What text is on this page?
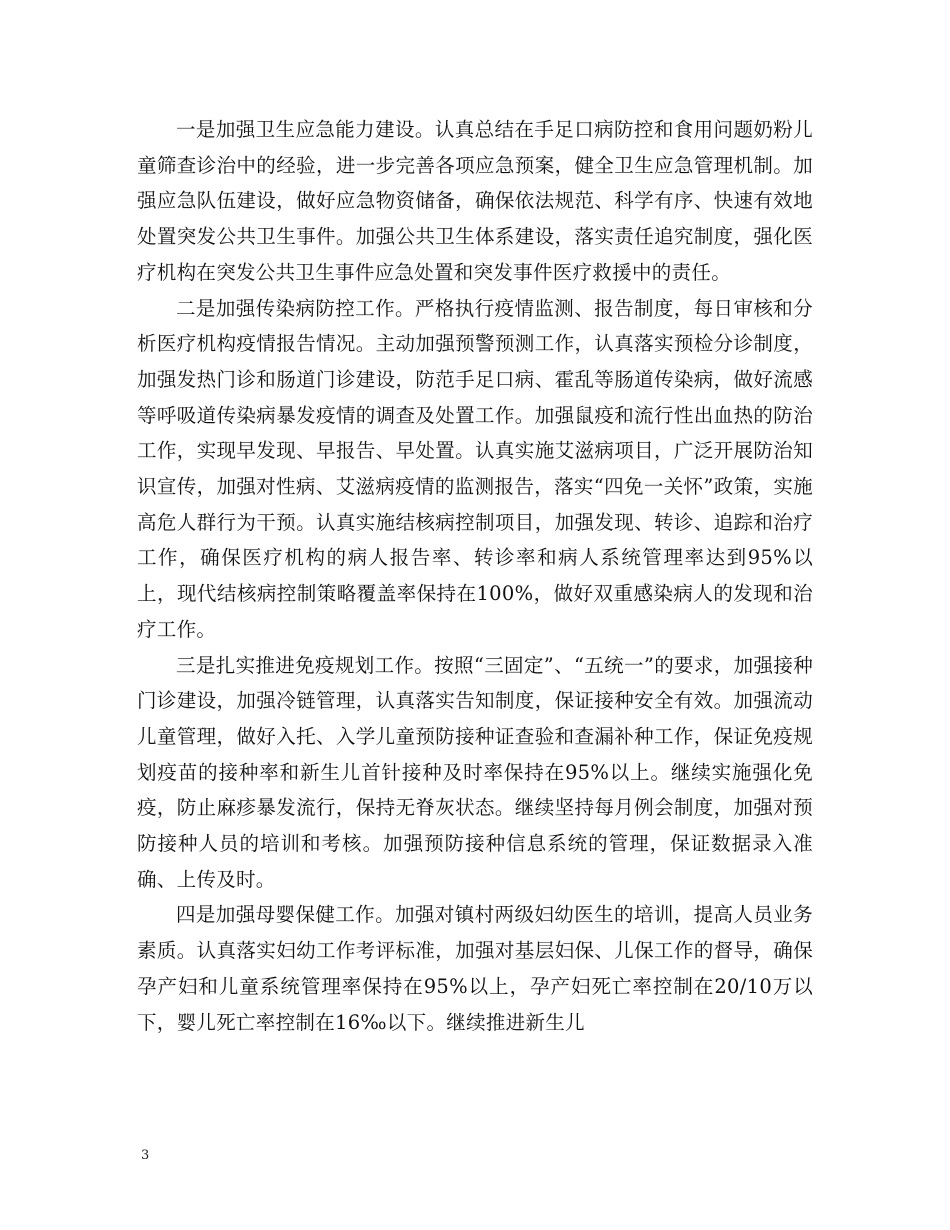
一是加强卫生应急能力建设。认真总结在手足口病防控和食用问题奶粉儿童筛查诊治中的经验，进一步完善各项应急预案，健全卫生应急管理机制。加强应急队伍建设，做好应急物资储备，确保依法规范、科学有序、快速有效地处置突发公共卫生事件。加强公共卫生体系建设，落实责任追究制度，强化医疗机构在突发公共卫生事件应急处置和突发事件医疗救援中的责任。

二是加强传染病防控工作。严格执行疫情监测、报告制度，每日审核和分析医疗机构疫情报告情况。主动加强预警预测工作，认真落实预检分诊制度，加强发热门诊和肠道门诊建设，防范手足口病、霍乱等肠道传染病，做好流感等呼吸道传染病暴发疫情的调查及处置工作。加强鼠疫和流行性出血热的防治工作，实现早发现、早报告、早处置。认真实施艾滋病项目，广泛开展防治知识宣传，加强对性病、艾滋病疫情的监测报告，落实“四免一关怀”政策，实施高危人群行为干预。认真实施结核病控制项目，加强发现、转诊、追踪和治疗工作，确保医疗机构的病人报告率、转诊率和病人系统管理率达到95%以上，现代结核病控制策略覆盖率保持在100%，做好双重感染病人的发现和治疗工作。

三是扎实推进免疫规划工作。按照“三固定”、“五统一”的要求，加强接种门诊建设，加强冷链管理，认真落实告知制度，保证接种安全有效。加强流动儿童管理，做好入托、入学儿童预防接种证查验和查漏补种工作，保证免疫规划疫苗的接种率和新生儿首针接种及时率保持在95%以上。继续实施强化免疫，防止麻疹暴发流行，保持无脊灰状态。继续坚持每月例会制度，加强对预防接种人员的培训和考核。加强预防接种信息系统的管理，保证数据录入准确、上传及时。

四是加强母婴保健工作。加强对镇村两级妇幼医生的培训，提高人员业务素质。认真落实妇幼工作考评标准，加强对基层妇保、儿保工作的督导，确保孕产妇和儿童系统管理率保持在95%以上，孕产妇死亡率控制在20/10万以下，婴儿死亡率控制在16‰以下。继续推进新生儿

3
